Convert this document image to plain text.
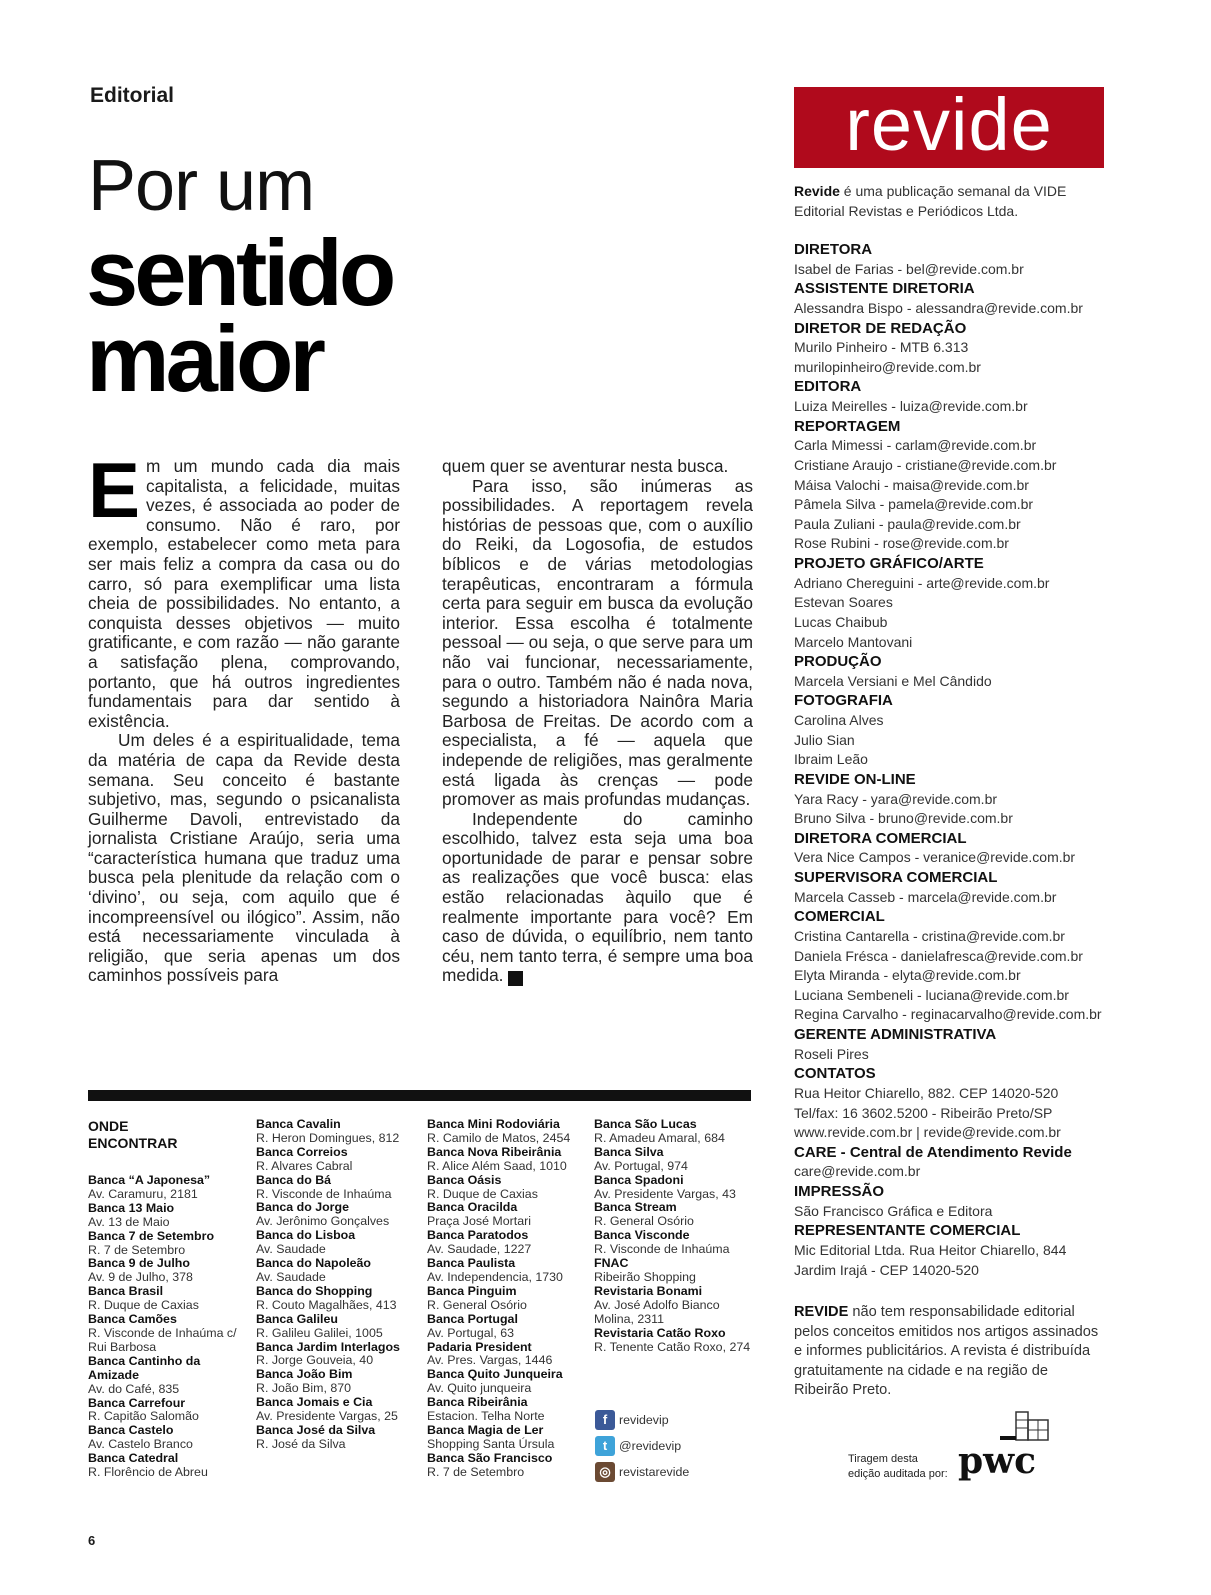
Editorial
Por um
sentido
maior
E m um mundo cada dia mais capitalista, a felicidade, muitas vezes, é associada ao poder de consumo. Não é raro, por exemplo, estabelecer como meta para ser mais feliz a compra da casa ou do carro, só para exemplificar uma lista cheia de possibilidades. No entanto, a conquista desses objetivos — muito gratificante, e com razão — não garante a satisfação plena, comprovando, portanto, que há outros ingredientes fundamentais para dar sentido à existência.

Um deles é a espiritualidade, tema da matéria de capa da Revide desta semana. Seu conceito é bastante subjetivo, mas, segundo o psicanalista Guilherme Davoli, entrevistado da jornalista Cristiane Araújo, seria uma “característica humana que traduz uma busca pela plenitude da relação com o ‘divino’, ou seja, com aquilo que é incompreensível ou ilógico”. Assim, não está necessariamente vinculada à religião, que seria apenas um dos caminhos possíveis para

quem quer se aventurar nesta busca.

Para isso, são inúmeras as possibilidades. A reportagem revela histórias de pessoas que, com o auxílio do Reiki, da Logosofia, de estudos bíblicos e de várias metodologias terapêuticas, encontraram a fórmula certa para seguir em busca da evolução interior. Essa escolha é totalmente pessoal — ou seja, o que serve para um não vai funcionar, necessariamente, para o outro. Também não é nada nova, segundo a historiadora Nainôra Maria Barbosa de Freitas. De acordo com a especialista, a fé — aquela que independe de religiões, mas geralmente está ligada às crenças — pode promover as mais profundas mudanças.

Independente do caminho escolhido, talvez esta seja uma boa oportunidade de parar e pensar sobre as realizações que você busca: elas estão relacionadas àquilo que é realmente importante para você? Em caso de dúvida, o equilíbrio, nem tanto céu, nem tanto terra, é sempre uma boa medida.	r

ONDE ENCONTRAR
Banca “A Japonesa”
Av. Caramuru, 2181
Banca 13 Maio
Av. 13 de Maio
Banca 7 de Setembro
R. 7 de Setembro
Banca 9 de Julho
Av. 9 de Julho, 378
Banca Brasil
R. Duque de Caxias
Banca Camões
R. Visconde de Inhaúma c/ Rui Barbosa
Banca Cantinho da Amizade
Av. do Café, 835
Banca Carrefour
R. Capitão Salomão
Banca Castelo
Av. Castelo Branco
Banca Catedral
R. Florêncio de Abreu
Banca Cavalin
R. Heron Domingues, 812
Banca Correios
R. Alvares Cabral
Banca do Bá
R. Visconde de Inhaúma
Banca do Jorge
Av. Jerônimo Gonçalves
Banca do Lisboa
Av. Saudade
Banca do Napoleão
Av. Saudade
Banca do Shopping
R. Couto Magalhães, 413
Banca Galileu
R. Galileu Galilei, 1005
Banca Jardim Interlagos
R. Jorge Gouveia, 40
Banca João Bim
R. João Bim, 870
Banca Jomais e Cia
Av. Presidente Vargas, 25
Banca José da Silva
R. José da Silva
Banca Mini Rodoviária
R. Camilo de Matos, 2454
Banca Nova Ribeirânia
R. Alice Além Saad, 1010
Banca Oásis
R. Duque de Caxias
Banca Oracilda
Praça José Mortari
Banca Paratodos
Av. Saudade, 1227
Banca Paulista
Av. Independencia, 1730
Banca Pinguim
R. General Osório
Banca Portugal
Av. Portugal, 63
Padaria President
Av. Pres. Vargas, 1446
Banca Quito Junqueira
Av. Quito junqueira
Banca Ribeirânia
Estacion. Telha Norte
Banca Magia de Ler
Shopping Santa Úrsula
Banca São Francisco
R. 7 de Setembro
Banca São Lucas
R. Amadeu Amaral, 684
Banca Silva
Av. Portugal, 974
Banca Spadoni
Av. Presidente Vargas, 43
Banca Stream
R. General Osório
Banca Visconde
R. Visconde de Inhaúma
FNAC
Ribeirão Shopping
Revistaria Bonami
Av. José Adolfo Bianco Molina, 2311
Revistaria Catão Roxo
R. Tenente Catão Roxo, 274
f revidevip
t @revidevip
◎ revistarevide
6
revide
Revide é uma publicação semanal da VIDE Editorial Revistas e Periódicos Ltda.
DIRETORA
Isabel de Farias - bel@revide.com.br
ASSISTENTE DIRETORIA
Alessandra Bispo - alessandra@revide.com.br
DIRETOR DE REDAÇÃO
Murilo Pinheiro - MTB 6.313
murilopinheiro@revide.com.br
EDITORA
Luiza Meirelles - luiza@revide.com.br
REPORTAGEM
Carla Mimessi - carlam@revide.com.br
Cristiane Araujo - cristiane@revide.com.br
Máisa Valochi - maisa@revide.com.br
Pâmela Silva - pamela@revide.com.br
Paula Zuliani - paula@revide.com.br
Rose Rubini - rose@revide.com.br
PROJETO GRÁFICO/ARTE
Adriano Chereguini - arte@revide.com.br
Estevan Soares
Lucas Chaibub
Marcelo Mantovani
PRODUÇÃO
Marcela Versiani e Mel Cândido
FOTOGRAFIA
Carolina Alves
Julio Sian
Ibraim Leão
REVIDE ON-LINE
Yara Racy - yara@revide.com.br
Bruno Silva - bruno@revide.com.br
DIRETORA COMERCIAL
Vera Nice Campos - veranice@revide.com.br
SUPERVISORA COMERCIAL
Marcela Casseb - marcela@revide.com.br
COMERCIAL
Cristina Cantarella - cristina@revide.com.br
Daniela Frésca - danielafresca@revide.com.br
Elyta Miranda - elyta@revide.com.br
Luciana Sembeneli - luciana@revide.com.br
Regina Carvalho - reginacarvalho@revide.com.br
GERENTE ADMINISTRATIVA
Roseli Pires
CONTATOS
Rua Heitor Chiarello, 882. CEP 14020-520
Tel/fax: 16 3602.5200 - Ribeirão Preto/SP
www.revide.com.br | revide@revide.com.br
CARE - Central de Atendimento Revide
care@revide.com.br
IMPRESSÃO
São Francisco Gráfica e Editora
REPRESENTANTE COMERCIAL
Mic Editorial Ltda. Rua Heitor Chiarello, 844
Jardim Irajá - CEP 14020-520
REVIDE não tem responsabilidade editorial pelos conceitos emitidos nos artigos assinados e informes publicitários. A revista é distribuída gratuitamente na cidade e na região de Ribeirão Preto.
Tiragem desta
edição auditada por: pwc
